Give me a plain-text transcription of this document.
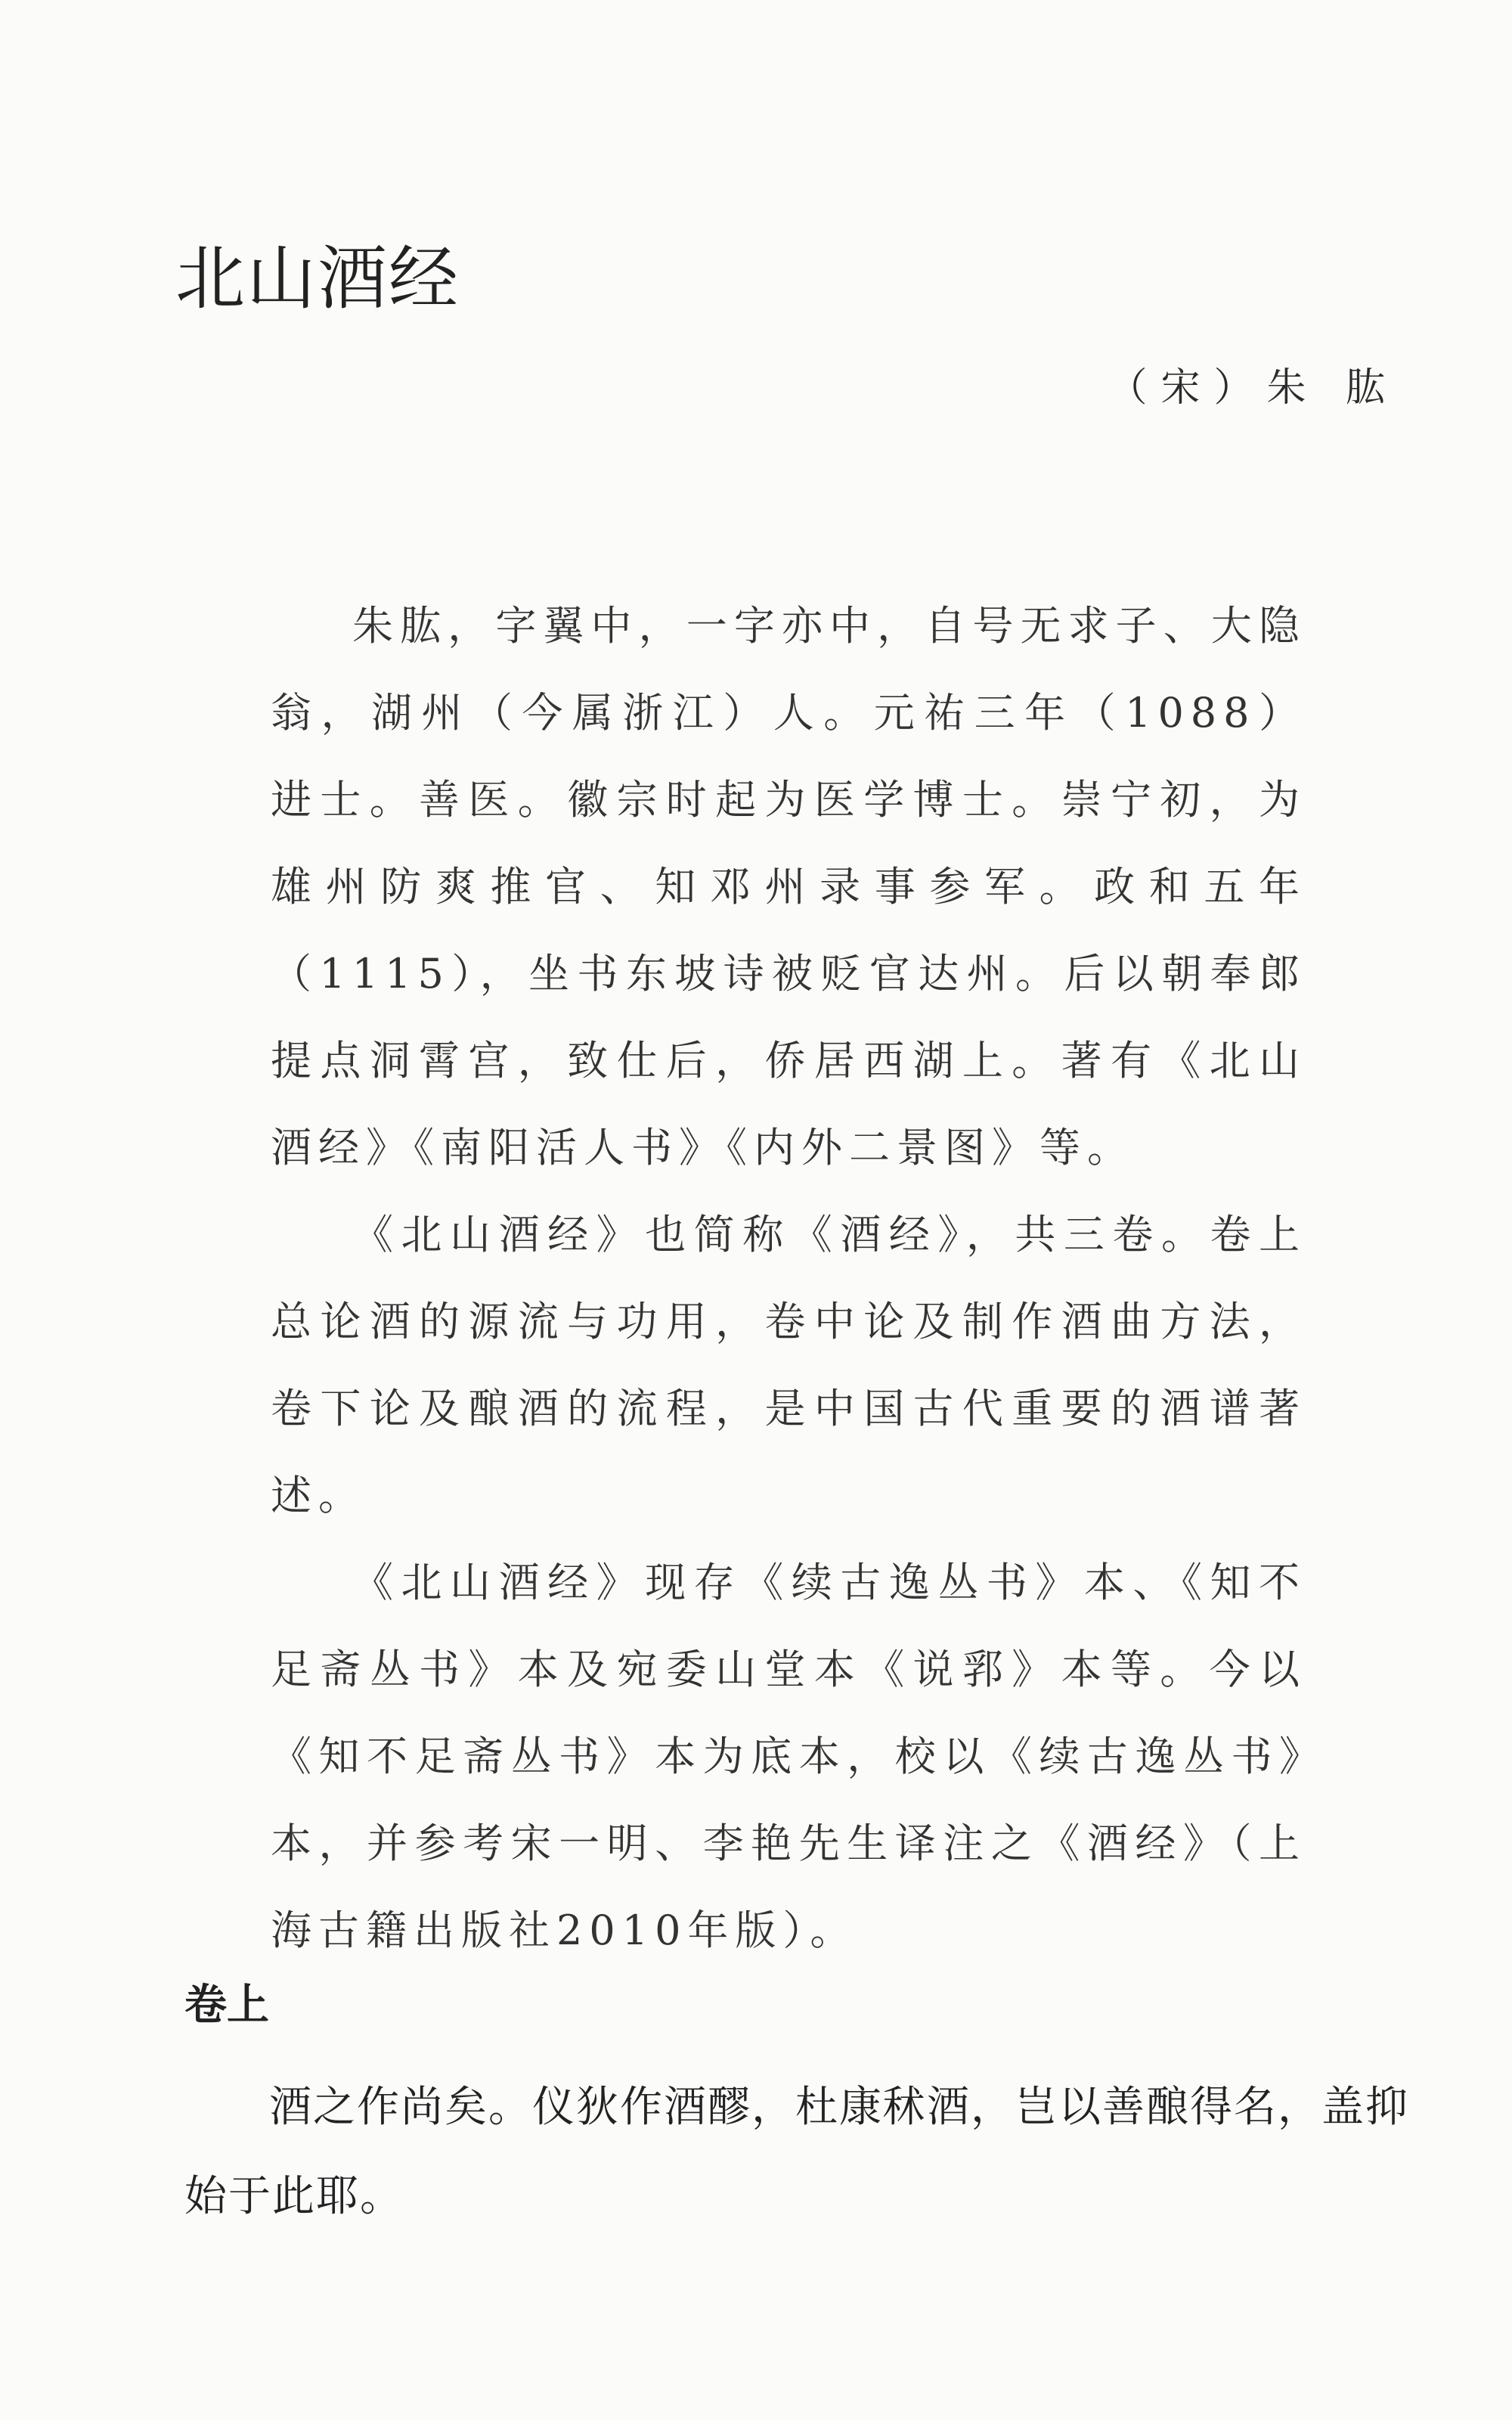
北山酒经
（宋）朱 肱

朱肱，字翼中，一字亦中，自号无求子、大隐翁，湖州（今属浙江）人。元祐三年（1088）进士。善医。徽宗时起为医学博士。崇宁初，为雄州防爽推官、知邓州录事参军。政和五年（1115），坐书东坡诗被贬官达州。后以朝奉郎提点洞霄宫，致仕后，侨居西湖上。著有《北山酒经》《南阳活人书》《内外二景图》等。

《北山酒经》也简称《酒经》，共三卷。卷上总论酒的源流与功用，卷中论及制作酒曲方法，卷下论及酿酒的流程，是中国古代重要的酒谱著述。

《北山酒经》现存《续古逸丛书》本、《知不足斋丛书》本及宛委山堂本《说郛》本等。今以《知不足斋丛书》本为底本，校以《续古逸丛书》本，并参考宋一明、李艳先生译注之《酒经》（上海古籍出版社2010年版）。

卷上

酒之作尚矣。仪狄作酒醪，杜康秫酒，岂以善酿得名，盖抑始于此耶。
